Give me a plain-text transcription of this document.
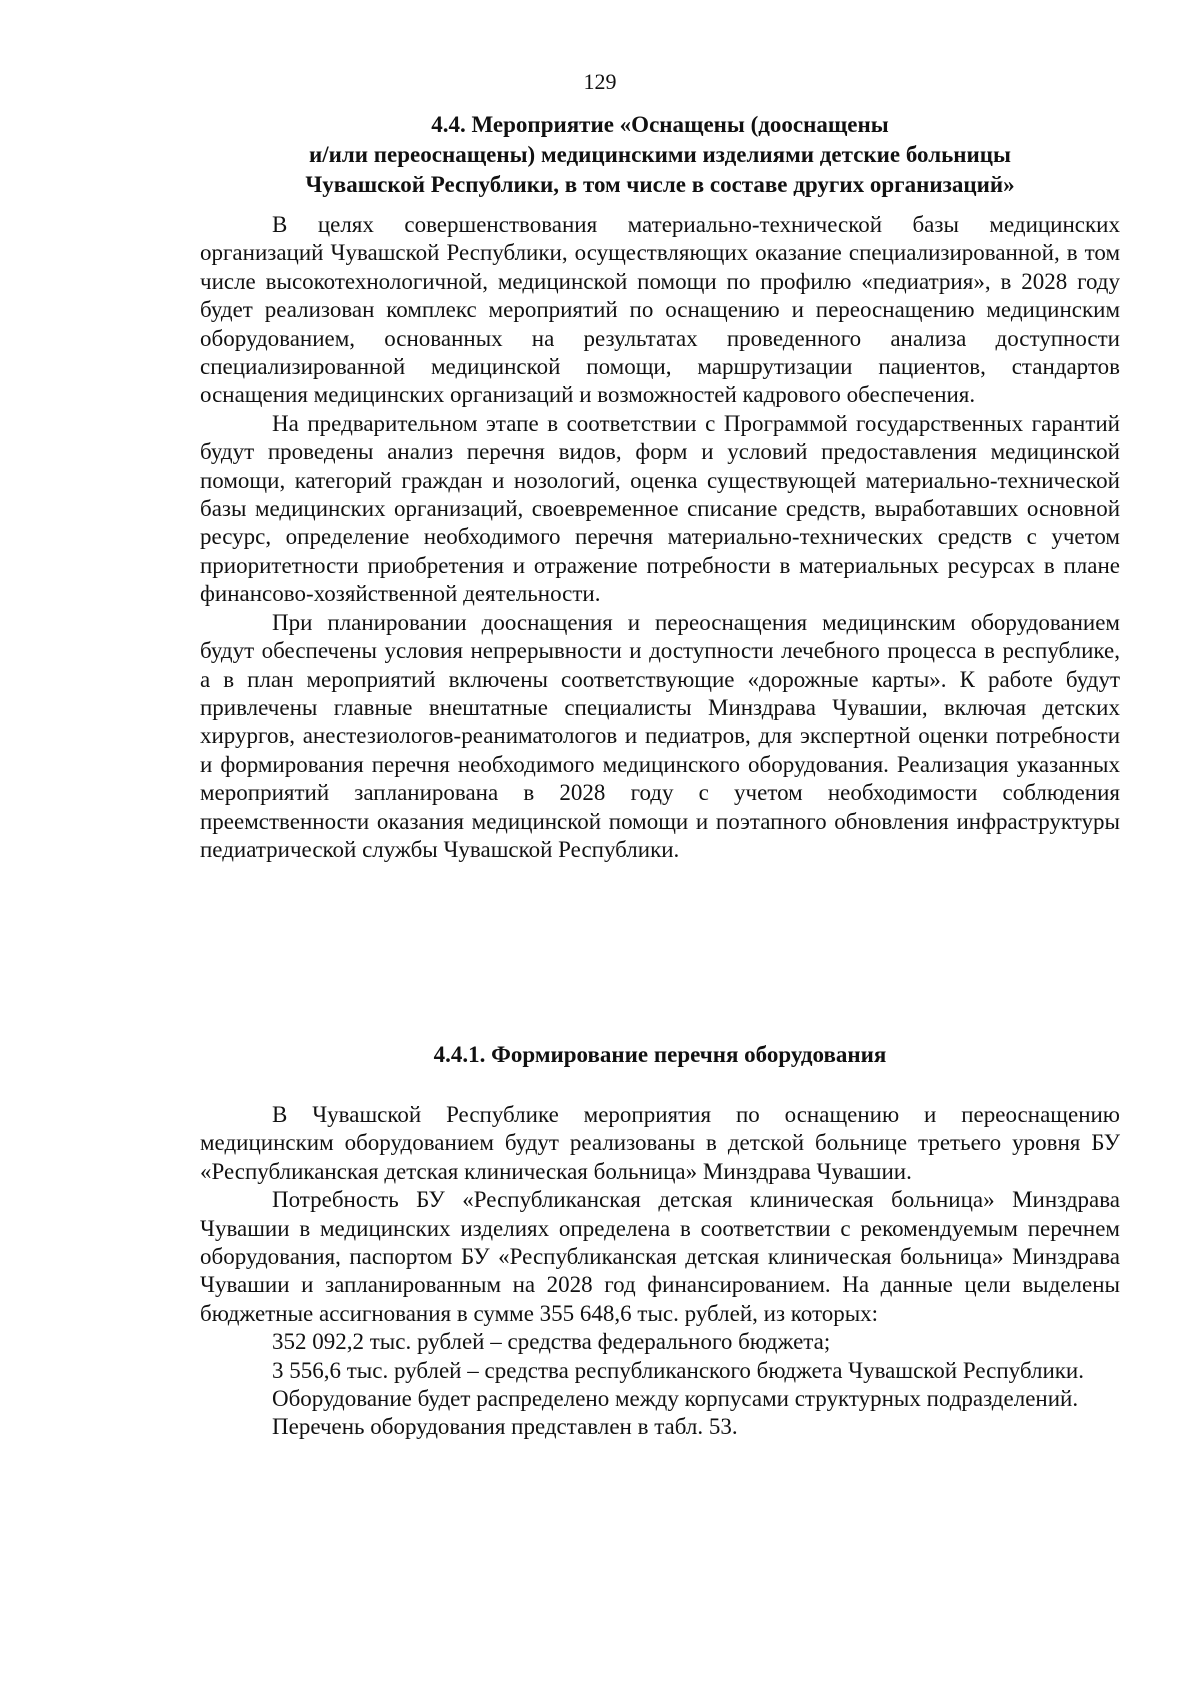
129
4.4. Мероприятие «Оснащены (дооснащены
и/или переоснащены) медицинскими изделиями детские больницы
Чувашской Республики, в том числе в составе других организаций»

В целях совершенствования материально-технической базы медицинских организаций Чувашской Республики, осуществляющих оказание специализированной, в том числе высокотехнологичной, медицинской помощи по профилю «педиатрия», в 2028 году будет реализован комплекс мероприятий по оснащению и переоснащению медицинским оборудованием, основанных на результатах проведенного анализа доступности специализированной медицинской помощи, маршрутизации пациентов, стандартов оснащения медицинских организаций и возможностей кадрового обеспечения.

На предварительном этапе в соответствии с Программой государственных гарантий будут проведены анализ перечня видов, форм и условий предоставления медицинской помощи, категорий граждан и нозологий, оценка существующей материально-технической базы медицинских организаций, своевременное списание средств, выработавших основной ресурс, определение необходимого перечня материально-технических средств с учетом приоритетности приобретения и отражение потребности в материальных ресурсах в плане финансово-хозяйственной деятельности.

При планировании дооснащения и переоснащения медицинским оборудованием будут обеспечены условия непрерывности и доступности лечебного процесса в республике, а в план мероприятий включены соответствующие «дорожные карты». К работе будут привлечены главные внештатные специалисты Минздрава Чувашии, включая детских хирургов, анестезиологов-реаниматологов и педиатров, для экспертной оценки потребности и формирования перечня необходимого медицинского оборудования. Реализация указанных мероприятий запланирована в 2028 году с учетом необходимости соблюдения преемственности оказания медицинской помощи и поэтапного обновления инфраструктуры педиатрической службы Чувашской Республики.

4.4.1. Формирование перечня оборудования

В Чувашской Республике мероприятия по оснащению и переоснащению медицинским оборудованием будут реализованы в детской больнице третьего уровня БУ «Республиканская детская клиническая больница» Минздрава Чувашии.

Потребность БУ «Республиканская детская клиническая больница» Минздрава Чувашии в медицинских изделиях определена в соответствии с рекомендуемым перечнем оборудования, паспортом БУ «Республиканская детская клиническая больница» Минздрава Чувашии и запланированным на 2028 год финансированием. На данные цели выделены бюджетные ассигнования в сумме 355 648,6 тыс. рублей, из которых:

352 092,2 тыс. рублей – средства федерального бюджета;

3 556,6 тыс. рублей – средства республиканского бюджета Чувашской Республики.

Оборудование будет распределено между корпусами структурных подразделений.

Перечень оборудования представлен в табл. 53.
